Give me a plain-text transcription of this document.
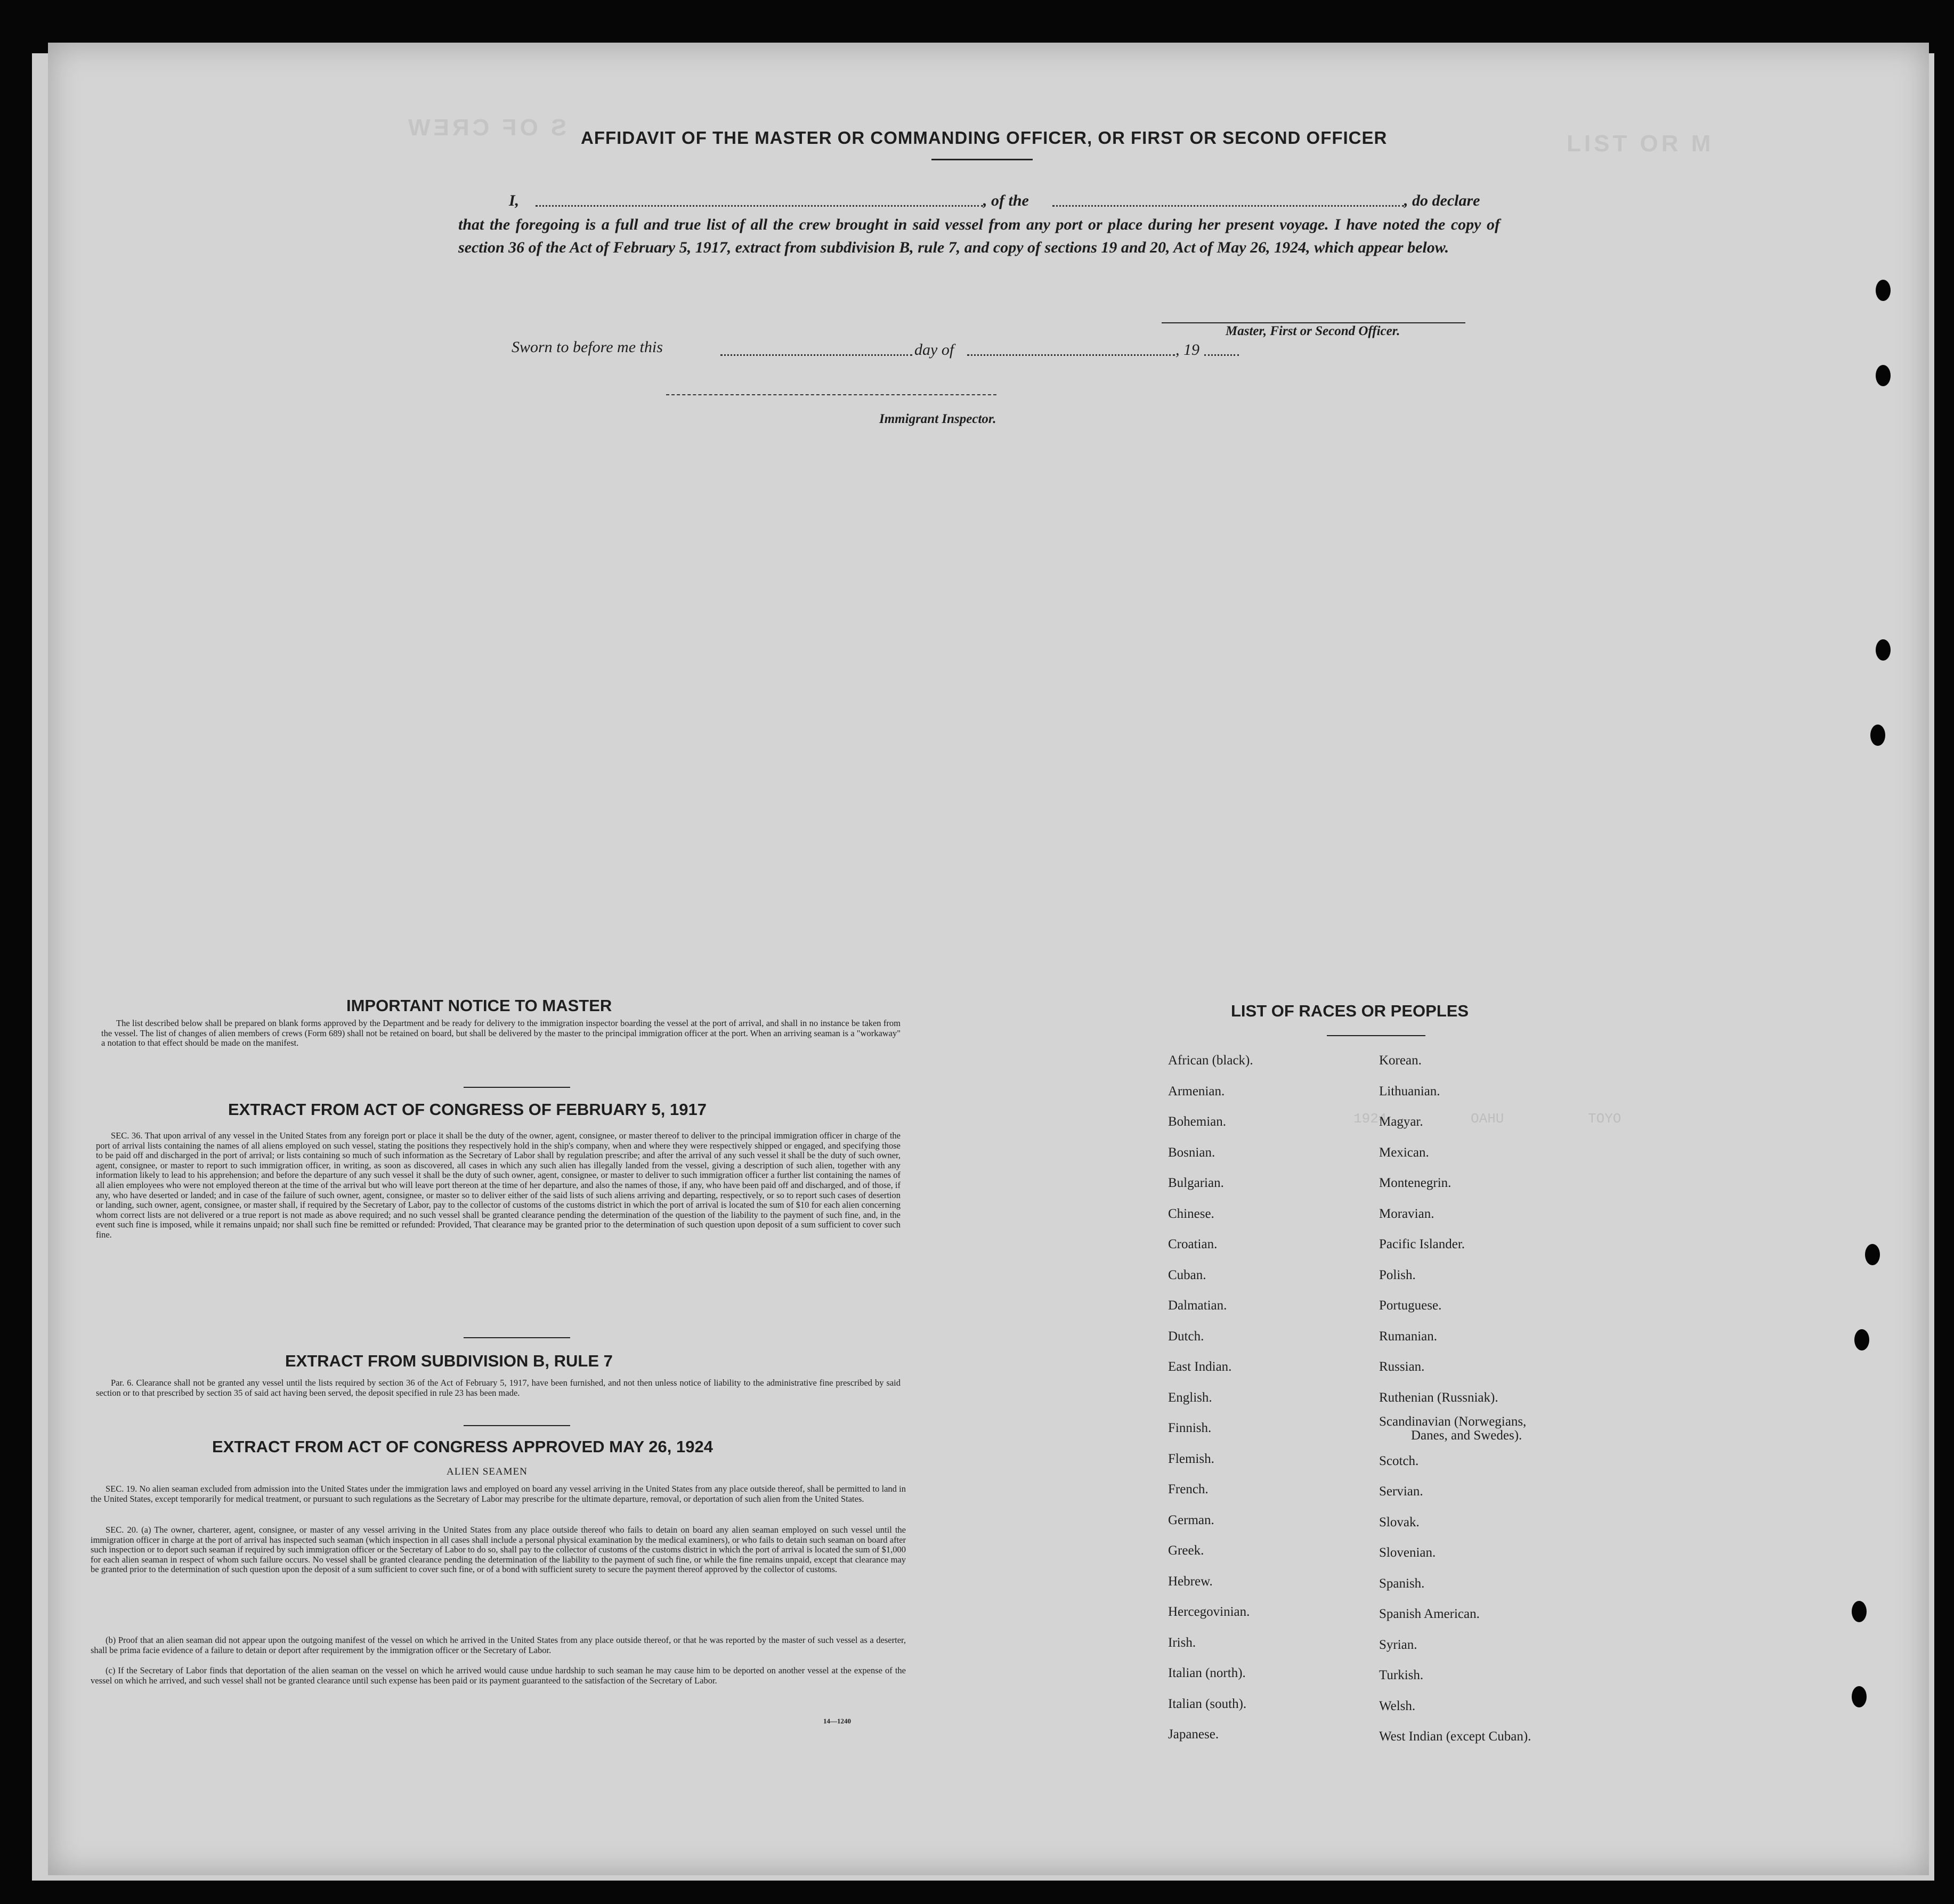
LIST OR M
S OF CREW
TOYO
OAHU
1924
AFFIDAVIT OF THE MASTER OR COMMANDING OFFICER, OR FIRST OR SECOND OFFICER
I,	, of the	, do declare
that the foregoing is a full and true list of all the crew brought in said vessel from any port or place during her present voyage. I have noted the copy of section 36 of the Act of February 5, 1917, extract from subdivision B, rule 7, and copy of sections 19 and 20, Act of May 26, 1924, which appear below.
Master, First or Second Officer.
Sworn to before me this	day of	, 19
Immigrant Inspector.
IMPORTANT NOTICE TO MASTER
The list described below shall be prepared on blank forms approved by the Department and be ready for delivery to the immigration inspector boarding the vessel at the port of arrival, and shall in no instance be taken from the vessel. The list of changes of alien members of crews (Form 689) shall not be retained on board, but shall be delivered by the master to the principal immigration officer at the port. When an arriving seaman is a "workaway" a notation to that effect should be made on the manifest.
EXTRACT FROM ACT OF CONGRESS OF FEBRUARY 5, 1917
SEC. 36. That upon arrival of any vessel in the United States from any foreign port or place it shall be the duty of the owner, agent, consignee, or master thereof to deliver to the principal immigration officer in charge of the port of arrival lists containing the names of all aliens employed on such vessel, stating the positions they respectively hold in the ship's company, when and where they were respectively shipped or engaged, and specifying those to be paid off and discharged in the port of arrival; or lists containing so much of such information as the Secretary of Labor shall by regulation prescribe; and after the arrival of any such vessel it shall be the duty of such owner, agent, consignee, or master to report to such immigration officer, in writing, as soon as discovered, all cases in which any such alien has illegally landed from the vessel, giving a description of such alien, together with any information likely to lead to his apprehension; and before the departure of any such vessel it shall be the duty of such owner, agent, consignee, or master to deliver to such immigration officer a further list containing the names of all alien employees who were not employed thereon at the time of the arrival but who will leave port thereon at the time of her departure, and also the names of those, if any, who have been paid off and discharged, and of those, if any, who have deserted or landed; and in case of the failure of such owner, agent, consignee, or master so to deliver either of the said lists of such aliens arriving and departing, respectively, or so to report such cases of desertion or landing, such owner, agent, consignee, or master shall, if required by the Secretary of Labor, pay to the collector of customs of the customs district in which the port of arrival is located the sum of $10 for each alien concerning whom correct lists are not delivered or a true report is not made as above required; and no such vessel shall be granted clearance pending the determination of the question of the liability to the payment of such fine, and, in the event such fine is imposed, while it remains unpaid; nor shall such fine be remitted or refunded: Provided, That clearance may be granted prior to the determination of such question upon deposit of a sum sufficient to cover such fine.
EXTRACT FROM SUBDIVISION B, RULE 7
Par. 6. Clearance shall not be granted any vessel until the lists required by section 36 of the Act of February 5, 1917, have been furnished, and not then unless notice of liability to the administrative fine prescribed by said section or to that prescribed by section 35 of said act having been served, the deposit specified in rule 23 has been made.
EXTRACT FROM ACT OF CONGRESS APPROVED MAY 26, 1924
ALIEN SEAMEN
SEC. 19. No alien seaman excluded from admission into the United States under the immigration laws and employed on board any vessel arriving in the United States from any place outside thereof, shall be permitted to land in the United States, except temporarily for medical treatment, or pursuant to such regulations as the Secretary of Labor may prescribe for the ultimate departure, removal, or deportation of such alien from the United States.
SEC. 20. (a) The owner, charterer, agent, consignee, or master of any vessel arriving in the United States from any place outside thereof who fails to detain on board any alien seaman employed on such vessel until the immigration officer in charge at the port of arrival has inspected such seaman (which inspection in all cases shall include a personal physical examination by the medical examiners), or who fails to detain such seaman on board after such inspection or to deport such seaman if required by such immigration officer or the Secretary of Labor to do so, shall pay to the collector of customs of the customs district in which the port of arrival is located the sum of $1,000 for each alien seaman in respect of whom such failure occurs. No vessel shall be granted clearance pending the determination of the liability to the payment of such fine, or while the fine remains unpaid, except that clearance may be granted prior to the determination of such question upon the deposit of a sum sufficient to cover such fine, or of a bond with sufficient surety to secure the payment thereof approved by the collector of customs.
(b) Proof that an alien seaman did not appear upon the outgoing manifest of the vessel on which he arrived in the United States from any place outside thereof, or that he was reported by the master of such vessel as a deserter, shall be prima facie evidence of a failure to detain or deport after requirement by the immigration officer or the Secretary of Labor.
(c) If the Secretary of Labor finds that deportation of the alien seaman on the vessel on which he arrived would cause undue hardship to such seaman he may cause him to be deported on another vessel at the expense of the vessel on which he arrived, and such vessel shall not be granted clearance until such expense has been paid or its payment guaranteed to the satisfaction of the Secretary of Labor.
14—1240
LIST OF RACES OR PEOPLES
African (black).
Armenian.
Bohemian.
Bosnian.
Bulgarian.
Chinese.
Croatian.
Cuban.
Dalmatian.
Dutch.
East Indian.
English.
Finnish.
Flemish.
French.
German.
Greek.
Hebrew.
Hercegovinian.
Irish.
Italian (north).
Italian (south).
Japanese.
Korean.
Lithuanian.
Magyar.
Mexican.
Montenegrin.
Moravian.
Pacific Islander.
Polish.
Portuguese.
Rumanian.
Russian.
Ruthenian (Russniak).
Scandinavian (Norwegians,
Danes, and Swedes).
Scotch.
Servian.
Slovak.
Slovenian.
Spanish.
Spanish American.
Syrian.
Turkish.
Welsh.
West Indian (except Cuban).
